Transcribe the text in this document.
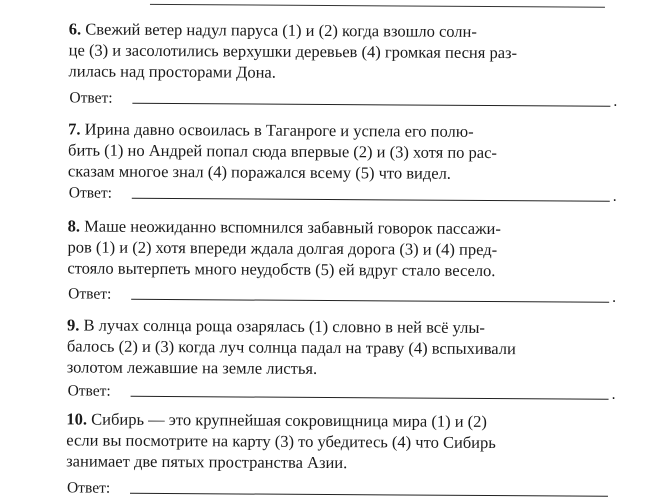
6. Свежий ветер надул паруса (1) и (2) когда взошло солн-
це (3) и засолотились верхушки деревьев (4) громкая песня раз-
лилась над просторами Дона.
Ответ:	.
7. Ирина давно освоилась в Таганроге и успела его полю-
бить (1) но Андрей попал сюда впервые (2) и (3) хотя по рас-
сказам многое знал (4) поражался всему (5) что видел.
Ответ:	.
8. Маше неожиданно вспомнился забавный говорок пассажи-
ров (1) и (2) хотя впереди ждала долгая дорога (3) и (4) пред-
стояло вытерпеть много неудобств (5) ей вдруг стало весело.
Ответ:	.
9. В лучах солнца роща озарялась (1) словно в ней всё улы-
балось (2) и (3) когда луч солнца падал на траву (4) вспыхивали
золотом лежавшие на земле листья.
Ответ:	.
10. Сибирь — это крупнейшая сокровищница мира (1) и (2)
если вы посмотрите на карту (3) то убедитесь (4) что Сибирь
занимает две пятых пространства Азии.
Ответ:
